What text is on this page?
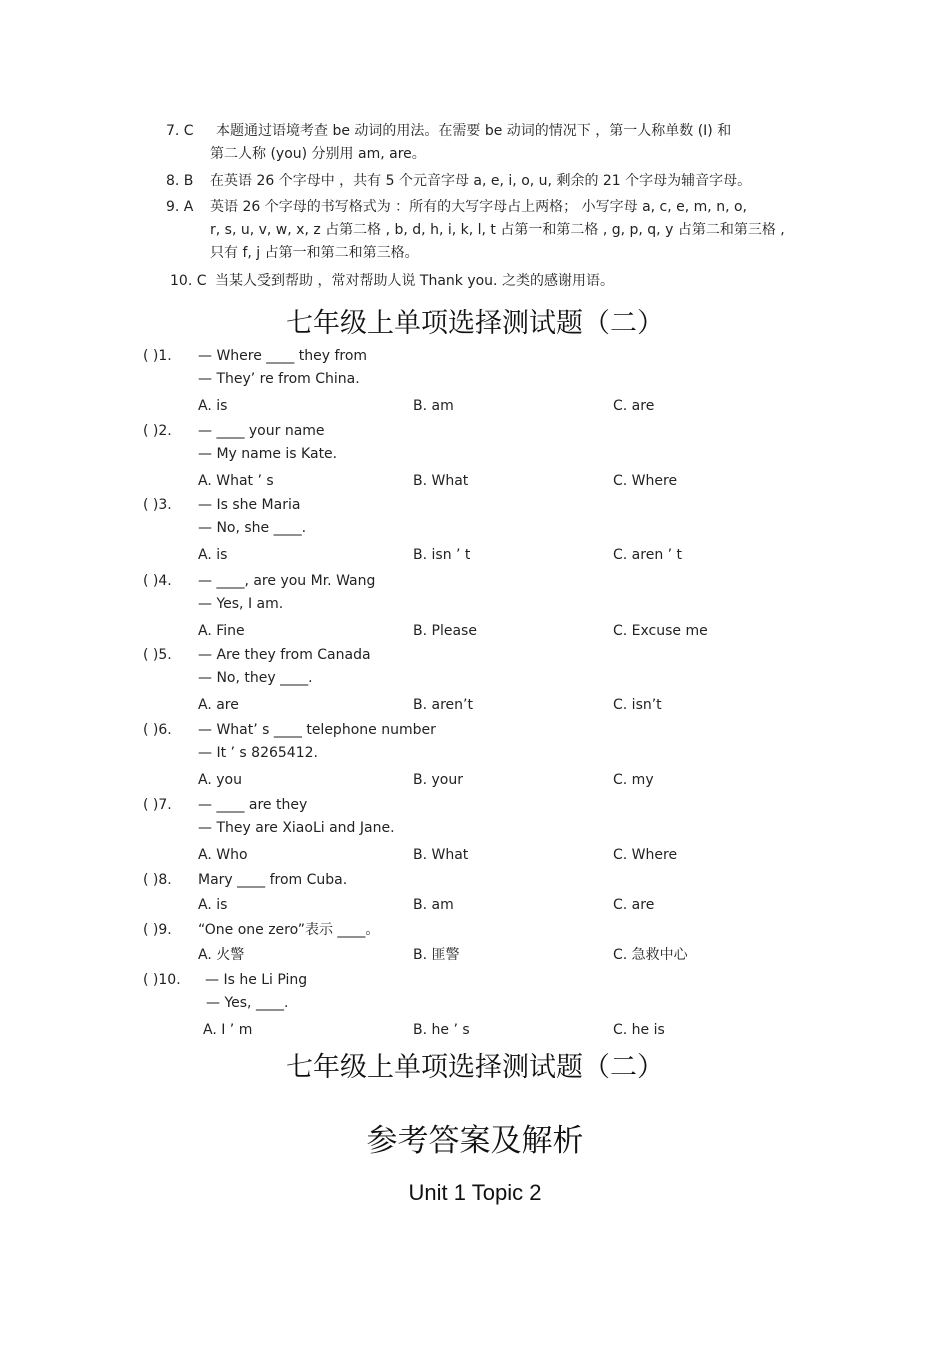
7. C 本题通过语境考查 be 动词的用法。在需要 be 动词的情况下 ，第一人称单数 (I) 和
第二人称 (you) 分别用 am, are。
8. B 在英语 26 个字母中 ，共有 5 个元音字母 a, e, i, o, u, 剩余的 21 个字母为辅音字母。
9. A 英语 26 个字母的书写格式为 ：所有的大写字母占上两格； 小写字母 a, c, e, m, n, o,
r, s, u, v, w, x, z 占第二格 , b, d, h, i, k, l, t 占第一和第二格 , g, p, q, y 占第二和第三格 ,
只有 f, j 占第一和第二和第三格。
10. C 当某人受到帮助 ，常对帮助人说 Thank you. 之类的感谢用语。
七年级上单项选择测试题（二）
( )1. — Where ____ they from
— They’ re from China.
A. is	B. am	C. are
( )2. — ____ your name
— My name is Kate.
A. What ’ s	B. What	C. Where
( )3. — Is she Maria
— No, she ____.
A. is	B. isn ’ t	C. aren ’ t
( )4. — ____, are you Mr. Wang
— Yes, I am.
A. Fine	B. Please	C. Excuse me
( )5. — Are they from Canada
— No, they ____.
A. are	B. aren’t	C. isn’t
( )6. — What’ s ____ telephone number
— It ’ s 8265412.
A. you	B. your	C. my
( )7. — ____ are they
— They are XiaoLi and Jane.
A. Who	B. What	C. Where
( )8. Mary ____ from Cuba.
A. is	B. am	C. are
( )9. “One one zero”表示 ____。
A. 火警	B. 匪警	C. 急救中心
( )10. — Is he Li Ping
— Yes, ____.
A. I ’ m	B. he ’ s	C. he is
七年级上单项选择测试题（二）
参考答案及解析
Unit 1 Topic 2
